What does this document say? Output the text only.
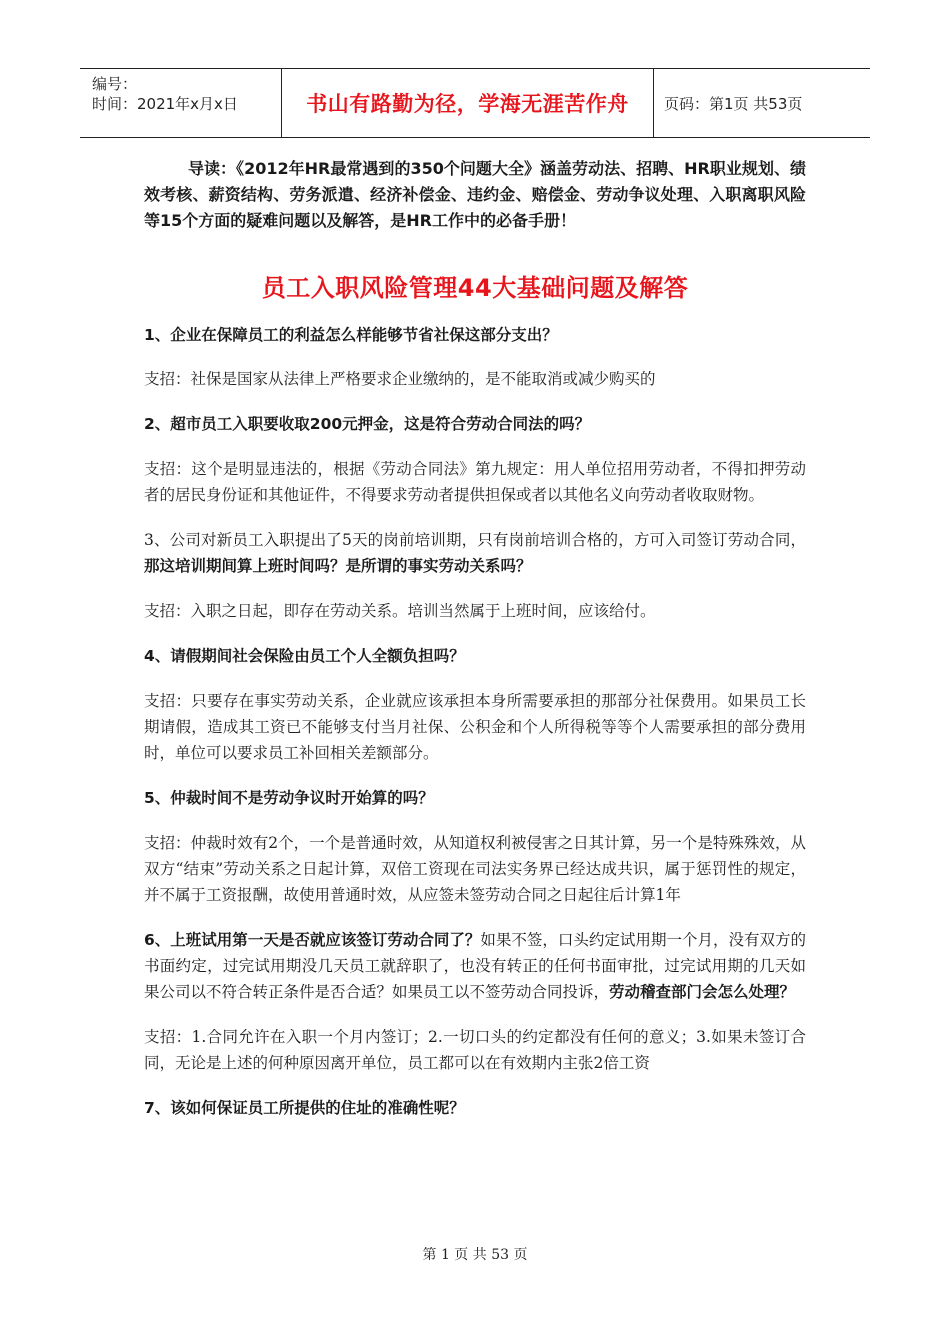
编号：
时间：2021年x月x日	书山有路勤为径，学海无涯苦作舟	页码：第1页 共53页

导读：《2012年HR最常遇到的350个问题大全》涵盖劳动法、招聘、HR职业规划、绩效考核、薪资结构、劳务派遣、经济补偿金、违约金、赔偿金、劳动争议处理、入职离职风险等15个方面的疑难问题以及解答，是HR工作中的必备手册！

员工入职风险管理44大基础问题及解答

1、企业在保障员工的利益怎么样能够节省社保这部分支出？

支招：社保是国家从法律上严格要求企业缴纳的，是不能取消或减少购买的

2、超市员工入职要收取200元押金，这是符合劳动合同法的吗？

支招：这个是明显违法的，根据《劳动合同法》第九规定：用人单位招用劳动者，不得扣押劳动者的居民身份证和其他证件，不得要求劳动者提供担保或者以其他名义向劳动者收取财物。

3、公司对新员工入职提出了5天的岗前培训期，只有岗前培训合格的，方可入司签订劳动合同，那这培训期间算上班时间吗？是所谓的事实劳动关系吗？

支招：入职之日起，即存在劳动关系。培训当然属于上班时间，应该给付。

4、请假期间社会保险由员工个人全额负担吗？

支招：只要存在事实劳动关系，企业就应该承担本身所需要承担的那部分社保费用。如果员工长期请假，造成其工资已不能够支付当月社保、公积金和个人所得税等等个人需要承担的部分费用时，单位可以要求员工补回相关差额部分。

5、仲裁时间不是劳动争议时开始算的吗？

支招：仲裁时效有2个，一个是普通时效，从知道权利被侵害之日其计算，另一个是特殊殊效，从双方“结束”劳动关系之日起计算，双倍工资现在司法实务界已经达成共识，属于惩罚性的规定，并不属于工资报酬，故使用普通时效，从应签未签劳动合同之日起往后计算1年

6、上班试用第一天是否就应该签订劳动合同了？如果不签，口头约定试用期一个月，没有双方的书面约定，过完试用期没几天员工就辞职了，也没有转正的任何书面审批，过完试用期的几天如果公司以不符合转正条件是否合适？如果员工以不签劳动合同投诉，劳动稽查部门会怎么处理？

支招：1.合同允许在入职一个月内签订；2.一切口头的约定都没有任何的意义；3.如果未签订合同，无论是上述的何种原因离开单位，员工都可以在有效期内主张2倍工资

7、该如何保证员工所提供的住址的准确性呢？

第 1 页 共 53 页
